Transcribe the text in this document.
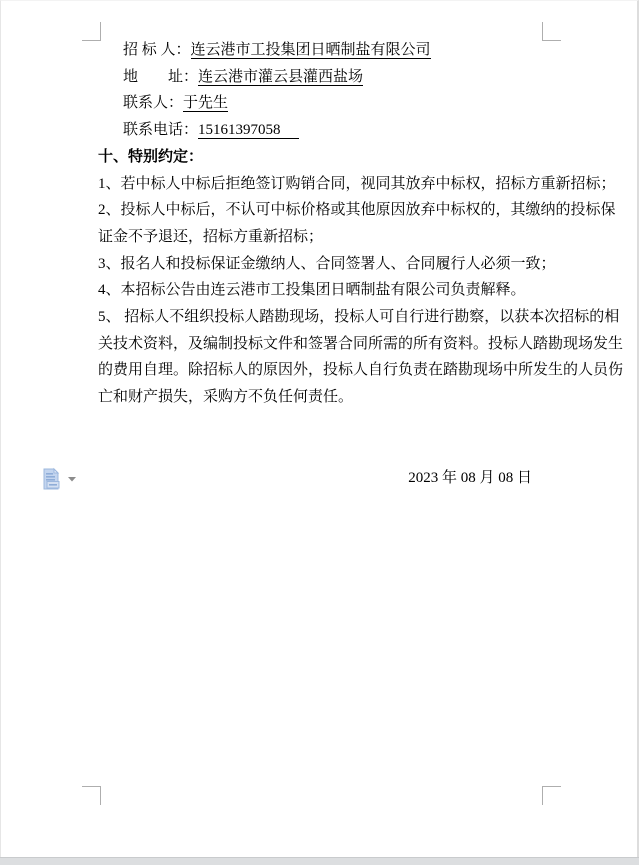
招 标 人：连云港市工投集团日晒制盐有限公司
地　　址：连云港市灌云县灌西盐场
联系人：于先生
联系电话：15161397058　
十、特别约定：
1、若中标人中标后拒绝签订购销合同，视同其放弃中标权，招标方重新招标；
2、投标人中标后，不认可中标价格或其他原因放弃中标权的，其缴纳的投标保
证金不予退还，招标方重新招标；
3、报名人和投标保证金缴纳人、合同签署人、合同履行人必须一致；
4、本招标公告由连云港市工投集团日晒制盐有限公司负责解释。
5、 招标人不组织投标人踏勘现场，投标人可自行进行勘察，以获本次招标的相
关技术资料，及编制投标文件和签署合同所需的所有资料。投标人踏勘现场发生
的费用自理。除招标人的原因外，投标人自行负责在踏勘现场中所发生的人员伤
亡和财产损失，采购方不负任何责任。
2023 年 08 月 08 日
